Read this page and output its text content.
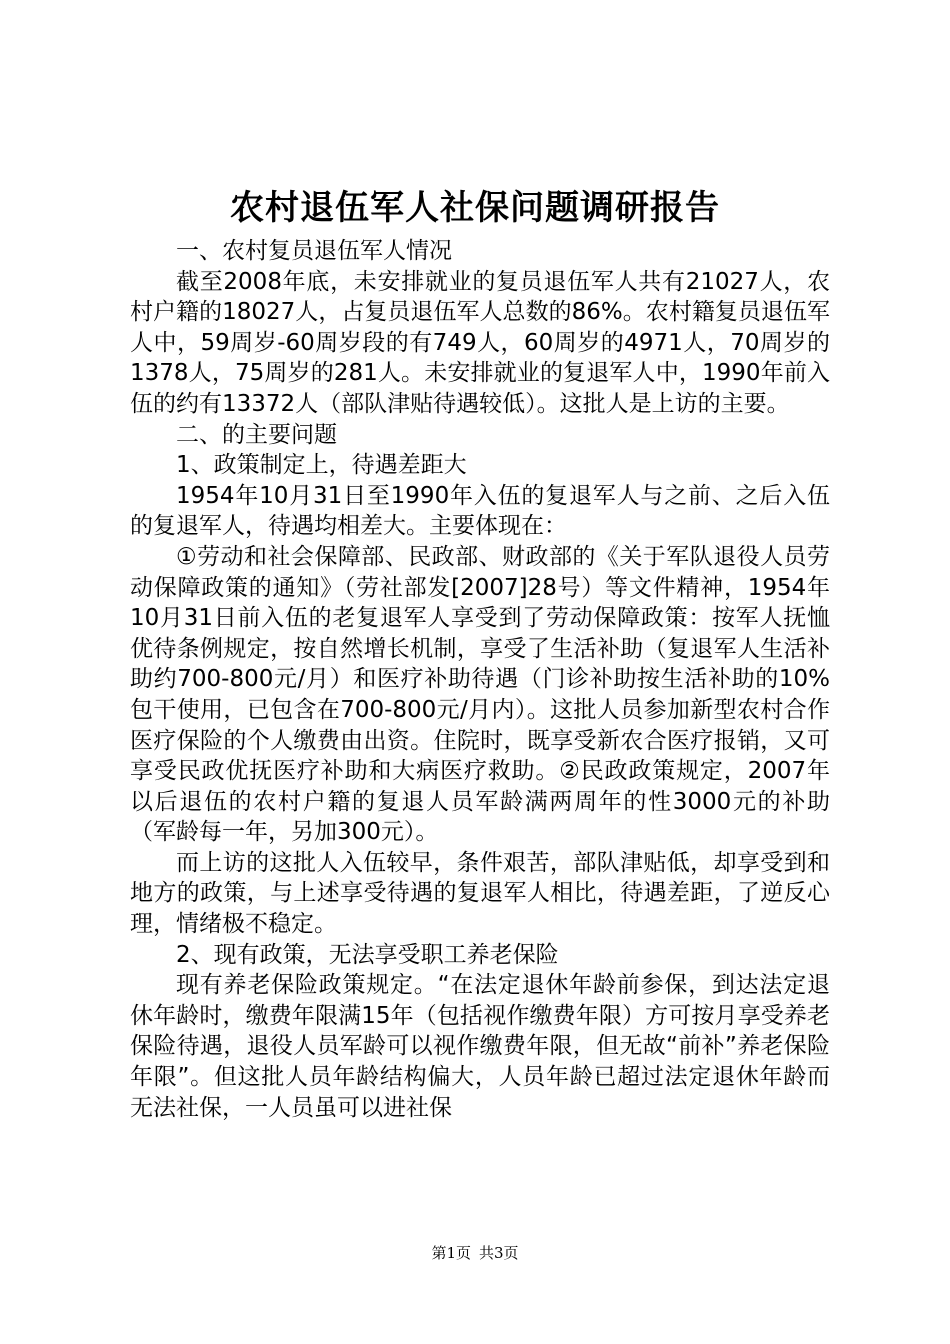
农村退伍军人社保问题调研报告

一、农村复员退伍军人情况

截至2008年底，未安排就业的复员退伍军人共有21027人，农村户籍的18027人，占复员退伍军人总数的86%。农村籍复员退伍军人中，59周岁-60周岁段的有749人，60周岁的4971人，70周岁的1378人，75周岁的281人。未安排就业的复退军人中，1990年前入伍的约有13372人（部队津贴待遇较低）。这批人是上访的主要。

二、的主要问题

1、政策制定上，待遇差距大

1954年10月31日至1990年入伍的复退军人与之前、之后入伍的复退军人，待遇均相差大。主要体现在：

①劳动和社会保障部、民政部、财政部的《关于军队退役人员劳动保障政策的通知》（劳社部发[2007]28号）等文件精神，1954年10月31日前入伍的老复退军人享受到了劳动保障政策：按军人抚恤优待条例规定，按自然增长机制，享受了生活补助（复退军人生活补助约700-800元/月）和医疗补助待遇（门诊补助按生活补助的10%包干使用，已包含在700-800元/月内）。这批人员参加新型农村合作医疗保险的个人缴费由出资。住院时，既享受新农合医疗报销，又可享受民政优抚医疗补助和大病医疗救助。②民政政策规定，2007年以后退伍的农村户籍的复退人员军龄满两周年的性3000元的补助（军龄每一年，另加300元）。

而上访的这批人入伍较早，条件艰苦，部队津贴低，却享受到和地方的政策，与上述享受待遇的复退军人相比，待遇差距，了逆反心理，情绪极不稳定。

2、现有政策，无法享受职工养老保险

现有养老保险政策规定。“在法定退休年龄前参保，到达法定退休年龄时，缴费年限满15年（包括视作缴费年限）方可按月享受养老保险待遇，退役人员军龄可以视作缴费年限，但无故“前补”养老保险年限”。但这批人员年龄结构偏大，人员年龄已超过法定退休年龄而无法社保，一人员虽可以进社保

第1页 共3页
